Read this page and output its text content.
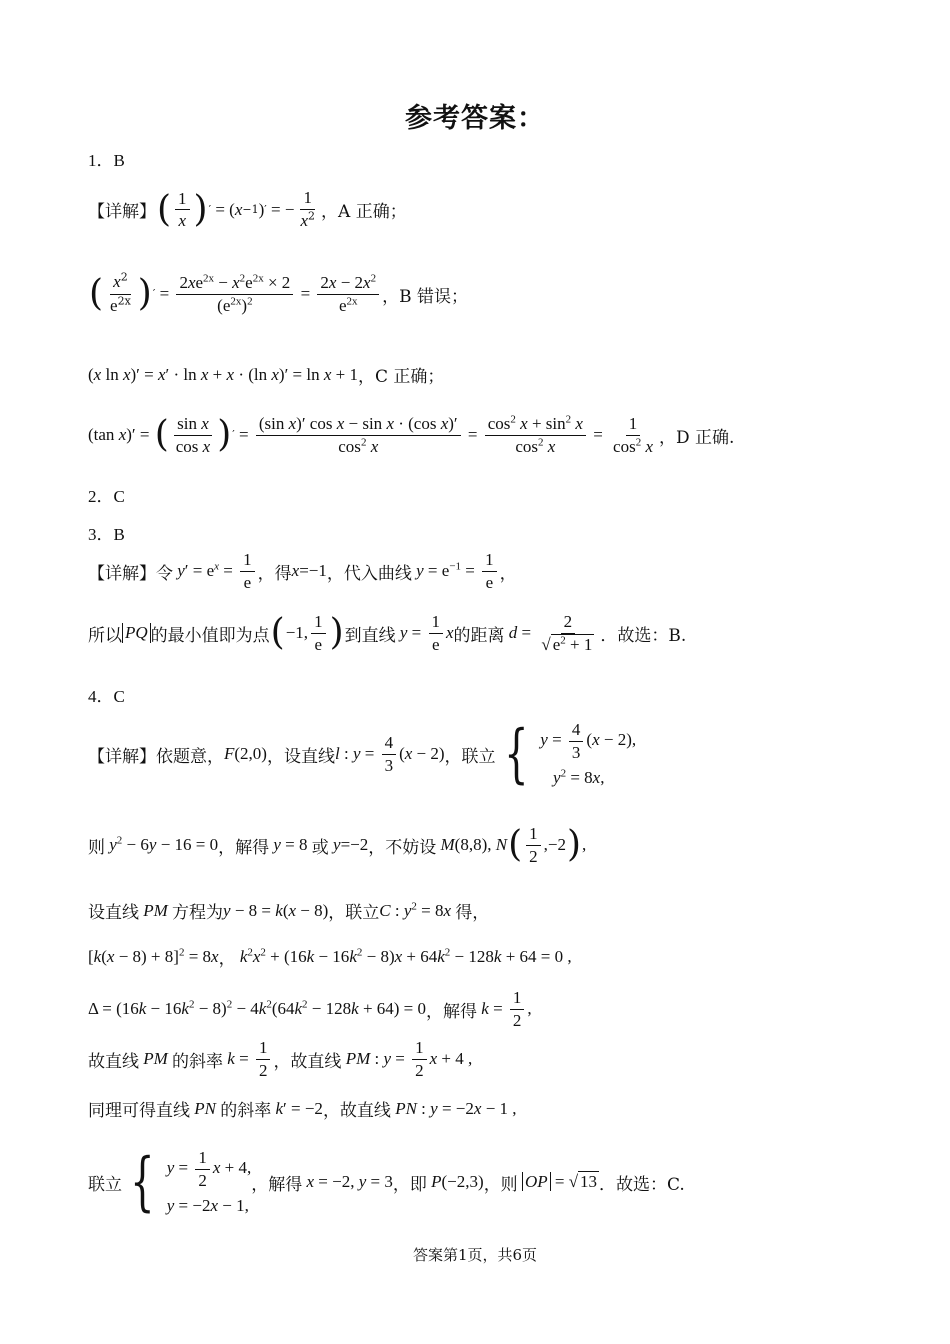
参考答案：
1．B
【详解】 ( $\frac{1}{x}$ ) ′ = ( x −1 ) ′ = − $\frac{1}{x^2}$ ，A 正确；
( $\frac{x^2}{e^{2x}}$ ) ′ = $\frac{2xe^{2x} - x^2e^{2x} \times 2}{(e^{2x})^2} = \frac{2x - 2x^2}{e^{2x}}$ ，B 错误；
(x ln x)′ = x′ · ln x + x · (ln x)′ = ln x + 1 ，C 正确；
(tan x)′ = ( $\frac{\text{sin x}}{\text{cos x}}$ ) ′ = $\frac{\text{(sin x)′ cos x − sin x · (cos x)′}}{\cos^2 x} = \frac{\cos^2 x + \sin^2 x}{\cos^2 x} = \frac{1}{\cos^2 x}$ ，D 正确.
2．C
3．B
【详解】 令 $y' = e^x = \frac{1}{e}$ ，得 x=−1 ，代入曲线 $y = e^{-1} = \frac{1}{e}$ ，
所以 PQ 的最小值即为点 ( −1, $\frac{1}{e}$ ) 到直线 $y = \frac{1}{e}$ x 的距离 $d = \frac{2}{√ e^2 + 1}$ ．故选：B.
4．C
【详解】 依题意， F(2,0) ，设直线 l : $y = \frac{4}{3} (x - 2)$ ，联立 { $y = \frac{4}{3} (x - 2)$,
$y^2 = 8x$,
则 $y^2 - 6y - 16 = 0$ ，解得 y = 8 或 y=−2 ，不妨设 M(8,8), N ( $\frac{1}{2} ,-2$ ) ,
设直线 PM 方程为 y − 8 = k(x − 8) ，联立 C : $y^2 = 8x$ 得，
$[k(x - 8) + 8]^2 = 8x$ ， $k^2x^2 + (16k - 16k^2 - 8)x + 64k^2 - 128k + 64 = 0$ ,
$\Delta = (16k - 16k^2 - 8)^2 - 4k^2(64k^2 - 128k + 64) = 0$ ，解得 $k = \frac{1}{2}$ ,
故直线 PM 的斜率 $k = \frac{1}{2}$ ，故直线 PM : $y = \frac{1}{2}$ x + 4 ,
同理可得直线 PN 的斜率 k′ = −2 ，故直线 PN : y = −2x − 1 ,
联立 { $y = \frac{1}{2}$ x + 4,
y = −2x − 1,
，解得 x = −2, y = 3 ，即 P(−2,3) ，则 OP = √ 13 ．故选：C.
答案第1页，共6页
